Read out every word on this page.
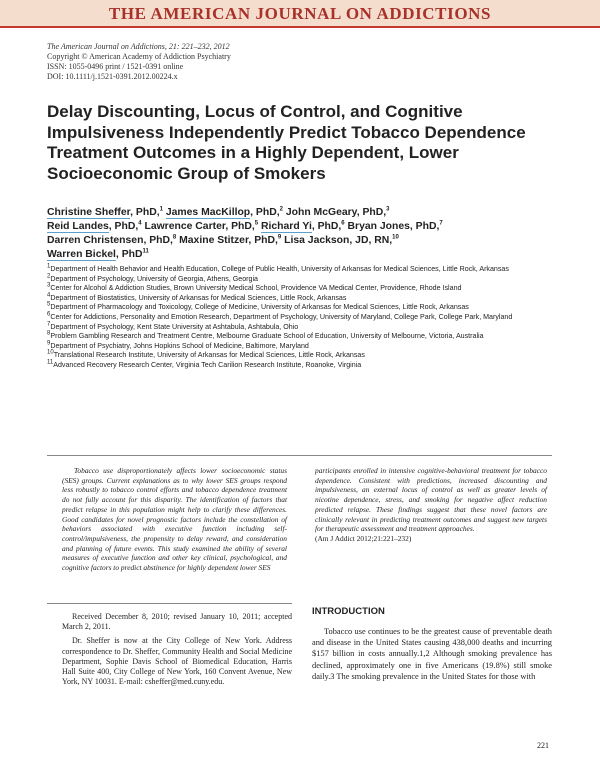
THE AMERICAN JOURNAL ON ADDICTIONS
The American Journal on Addictions, 21: 221–232, 2012
Copyright © American Academy of Addiction Psychiatry
ISSN: 1055-0496 print / 1521-0391 online
DOI: 10.1111/j.1521-0391.2012.00224.x
Delay Discounting, Locus of Control, and Cognitive
Impulsiveness Independently Predict Tobacco Dependence
Treatment Outcomes in a Highly Dependent, Lower
Socioeconomic Group of Smokers
Christine Sheffer, PhD,$^1$ James MacKillop, PhD,$^2$ John McGeary, PhD,$^3$
Reid Landes, PhD,$^4$ Lawrence Carter, PhD,$^5$ Richard Yi, PhD,$^6$ Bryan Jones, PhD,$^7$
Darren Christensen, PhD,$^8$ Maxine Stitzer, PhD,$^9$ Lisa Jackson, JD, RN,$^{10}$
Warren Bickel, PhD$^{11}$
$^1$Department of Health Behavior and Health Education, College of Public Health, University of Arkansas for Medical Sciences, Little Rock, Arkansas
$^2$Department of Psychology, University of Georgia, Athens, Georgia
$^3$Center for Alcohol & Addiction Studies, Brown University Medical School, Providence VA Medical Center, Providence, Rhode Island
$^4$Department of Biostatistics, University of Arkansas for Medical Sciences, Little Rock, Arkansas
$^5$Department of Pharmacology and Toxicology, College of Medicine, University of Arkansas for Medical Sciences, Little Rock, Arkansas
$^6$Center for Addictions, Personality and Emotion Research, Department of Psychology, University of Maryland, College Park, College Park, Maryland
$^7$Department of Psychology, Kent State University at Ashtabula, Ashtabula, Ohio
$^8$Problem Gambling Research and Treatment Centre, Melbourne Graduate School of Education, University of Melbourne, Victoria, Australia
$^9$Department of Psychiatry, Johns Hopkins School of Medicine, Baltimore, Maryland
$^{10}$Translational Research Institute, University of Arkansas for Medical Sciences, Little Rock, Arkansas
$^{11}$Advanced Recovery Research Center, Virginia Tech Carilion Research Institute, Roanoke, Virginia

Tobacco use disproportionately affects lower socioeconomic status (SES) groups. Current explanations as to why lower SES groups respond less robustly to tobacco control efforts and tobacco dependence treatment do not fully account for this disparity. The identification of factors that predict relapse in this population might help to clarify these differences. Good candidates for novel prognostic factors include the constellation of behaviors associated with executive function including self-control/impulsiveness, the propensity to delay reward, and consideration and planning of future events. This study examined the ability of several measures of executive function and other key clinical, psychological, and cognitive factors to predict abstinence for highly dependent lower SES

participants enrolled in intensive cognitive-behavioral treatment for tobacco dependence. Consistent with predictions, increased discounting and impulsiveness, an external locus of control as well as greater levels of nicotine dependence, stress, and smoking for negative affect reduction predicted relapse. These findings suggest that these novel factors are clinically relevant in predicting treatment outcomes and suggest new targets for therapeutic assessment and treatment approaches.

(Am J Addict 2012;21:221–232)

Received December 8, 2010; revised January 10, 2011; accepted March 2, 2011.

Dr. Sheffer is now at the City College of New York. Address correspondence to Dr. Sheffer, Community Health and Social Medicine Department, Sophie Davis School of Biomedical Education, Harris Hall Suite 400, City College of New York, 160 Convent Avenue, New York, NY 10031. E-mail: csheffer@med.cuny.edu.

INTRODUCTION

Tobacco use continues to be the greatest cause of preventable death and disease in the United States causing 438,000 deaths and incurring $157 billion in costs annually.1,2 Although smoking prevalence has declined, approximately one in five Americans (19.8%) still smoke daily.3 The smoking prevalence in the United States for those with

221
